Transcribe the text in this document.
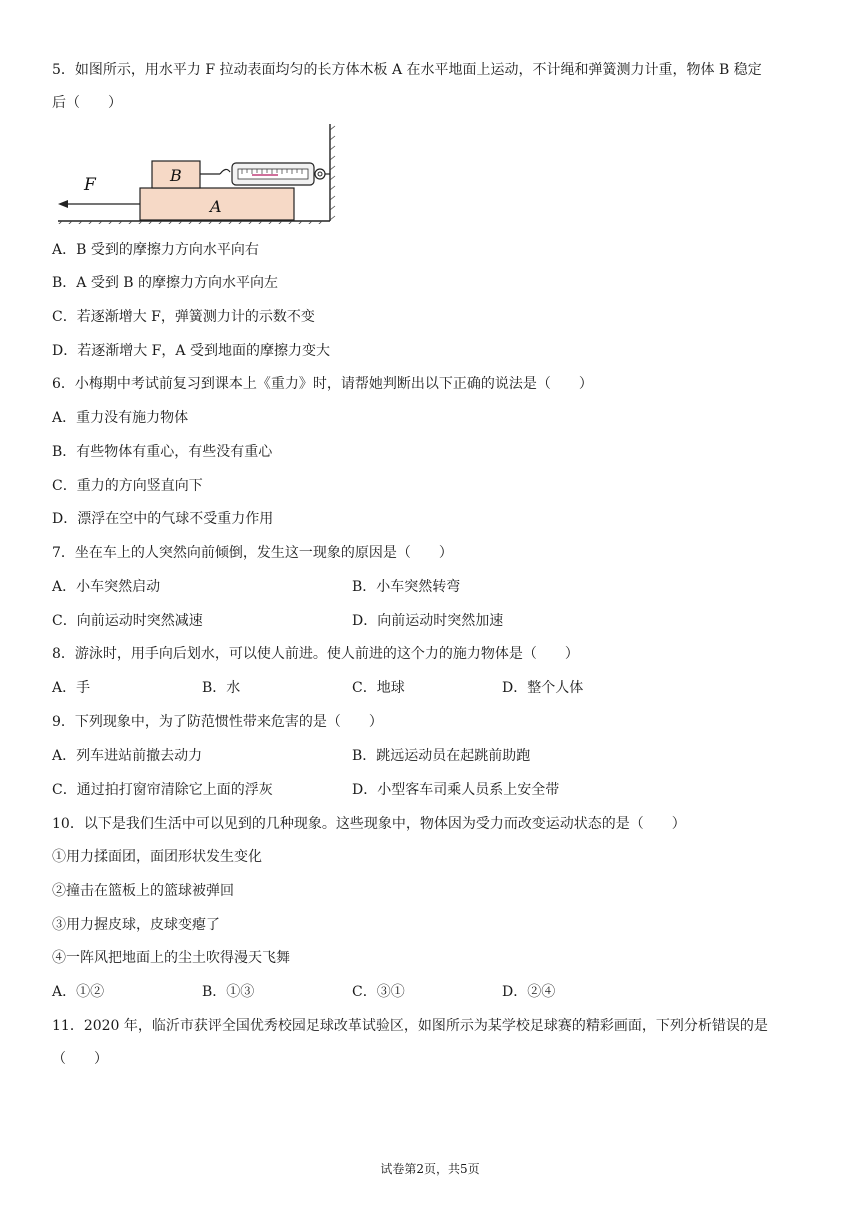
5．如图所示，用水平力 F 拉动表面均匀的长方体木板 A 在水平地面上运动，不计绳和弹簧测力计重，物体 B 稳定
后（　　）
A
B
F
A．B 受到的摩擦力方向水平向右
B．A 受到 B 的摩擦力方向水平向左
C．若逐渐增大 F，弹簧测力计的示数不变
D．若逐渐增大 F，A 受到地面的摩擦力变大
6．小梅期中考试前复习到课本上《重力》时，请帮她判断出以下正确的说法是（　　）
A．重力没有施力物体
B．有些物体有重心，有些没有重心
C．重力的方向竖直向下
D．漂浮在空中的气球不受重力作用
7．坐在车上的人突然向前倾倒，发生这一现象的原因是（　　）
A．小车突然启动	B．小车突然转弯
C．向前运动时突然减速	D．向前运动时突然加速
8．游泳时，用手向后划水，可以使人前进。使人前进的这个力的施力物体是（　　）
A．手	B．水	C．地球	D．整个人体
9．下列现象中，为了防范惯性带来危害的是（　　）
A．列车进站前撤去动力	B．跳远运动员在起跳前助跑
C．通过拍打窗帘清除它上面的浮灰	D．小型客车司乘人员系上安全带
10．以下是我们生活中可以见到的几种现象。这些现象中，物体因为受力而改变运动状态的是（　　）
①用力揉面团，面团形状发生变化
②撞击在篮板上的篮球被弹回
③用力握皮球，皮球变瘪了
④一阵风把地面上的尘土吹得漫天飞舞
A．①②	B．①③	C．③①	D．②④
11．2020 年，临沂市获评全国优秀校园足球改革试验区，如图所示为某学校足球赛的精彩画面，下列分析错误的是
（　　）
试卷第2页，共5页
